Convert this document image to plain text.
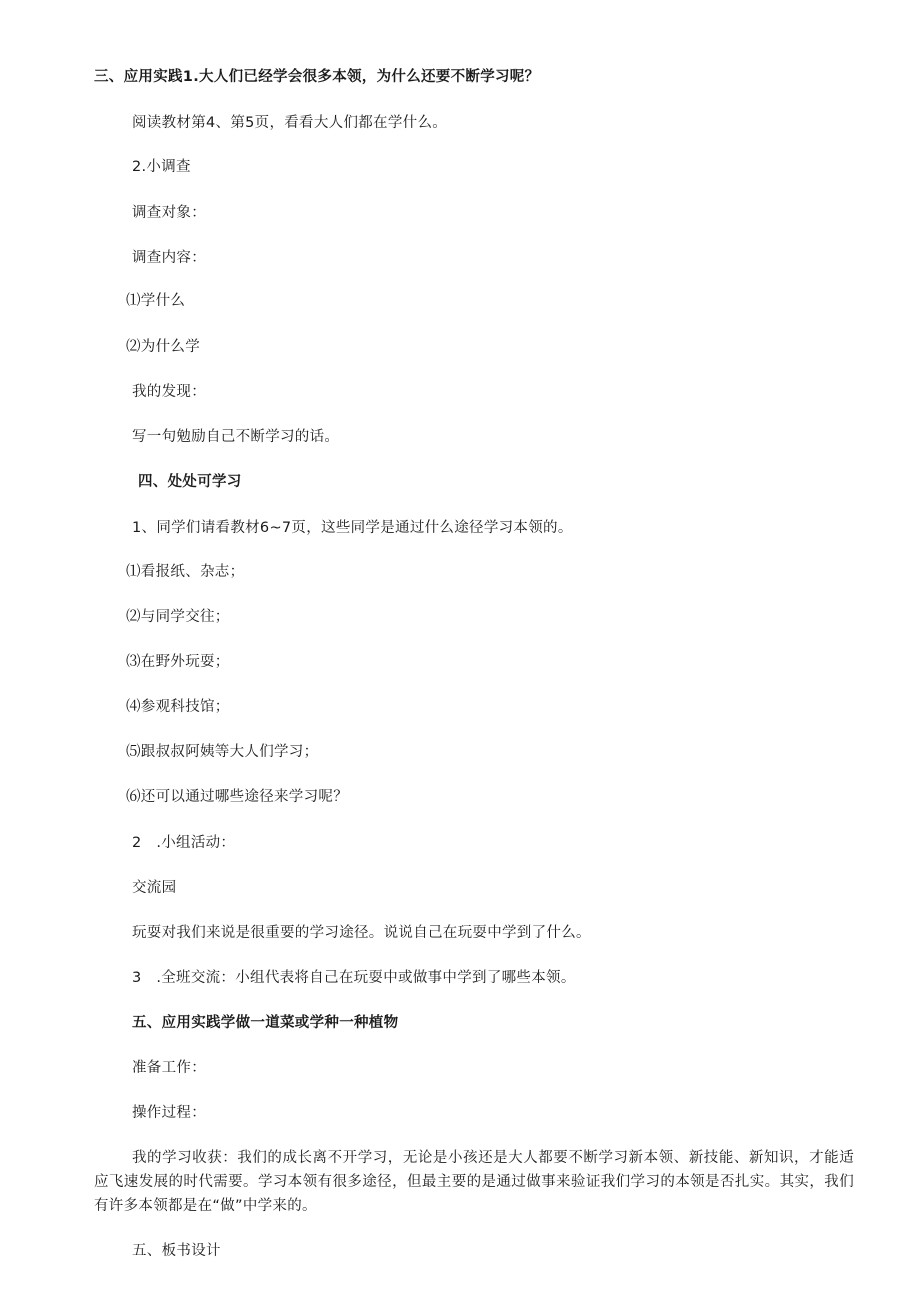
三、应用实践1.大人们已经学会很多本领，为什么还要不断学习呢？
阅读教材第4、第5页，看看大人们都在学什么。
2.小调查
调查对象：
调查内容：
⑴学什么
⑵为什么学
我的发现：
写一句勉励自己不断学习的话。
四、处处可学习
1、同学们请看教材6~7页，这些同学是通过什么途径学习本领的。
⑴看报纸、杂志；
⑵与同学交往；
⑶在野外玩耍；
⑷参观科技馆；
⑸跟叔叔阿姨等大人们学习；
⑹还可以通过哪些途径来学习呢？
2　.小组活动：
交流园
玩耍对我们来说是很重要的学习途径。说说自己在玩耍中学到了什么。
3　.全班交流：小组代表将自己在玩耍中或做事中学到了哪些本领。
五、应用实践学做一道菜或学种一种植物
准备工作：
操作过程：

我的学习收获：我们的成长离不开学习，无论是小孩还是大人都要不断学习新本领、新技能、新知识，才能适应飞速发展的时代需要。学习本领有很多途径，但最主要的是通过做事来验证我们学习的本领是否扎实。其实，我们有许多本领都是在“做”中学来的。

五、板书设计
